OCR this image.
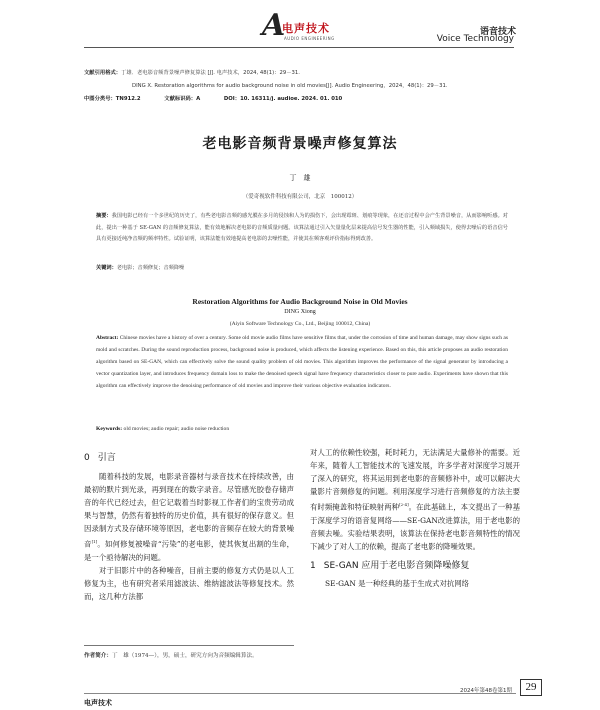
A
电声技术
AUDIO ENGINEERING
语音技术
Voice Technology
文献引用格式：丁雄．老电影音频背景噪声修复算法 [J]. 电声技术，2024, 48(1)：29－31.
DING X. Restoration algorithms for audio background noise in old movies[J]. Audio Engineering，2024，48(1)：29－31.
中图分类号：TN912.2	文献标识码：A	DOI：10. 16311/j. audioe. 2024. 01. 010
老电影音频背景噪声修复算法
丁　雄
（爱奇视软件科技有限公司，北京　100012）
摘要：我国电影已经有一个多世纪的历史了，有些老电影音频的感光膜在多月的侵蚀和人为的损伤下，会出现霉斑、划痕等现象，在还音过程中会产生背景噪音，从而影响听感。对此，提出一种基于 SE-GAN 的音频修复算法，能有效地解决老电影的音频质量问题。该算法通过引入矢量量化层来提高信号发生器的性能，引入频域损失，使得去噪后的语音信号具有更接近纯净音频的频率特性。试验证明，该算法能有效地提高老电影的去噪性能，并使其在频客观评价指标得到改善。
关键词：老电影；音频修复；音频降噪
Restoration Algorithms for Audio Background Noise in Old Movies
DING Xiong
(Aiyin Software Technology Co., Ltd., Beijing 100012, China)
Abstract: Chinese movies have a history of over a century. Some old movie audio films have sensitive films that, under the corrosion of time and human damage, may show signs such as mold and scratches. During the sound reproduction process, background noise is produced, which affects the listening experience. Based on this, this article proposes an audio restoration algorithm based on SE-GAN, which can effectively solve the sound quality problem of old movies. This algorithm improves the performance of the signal generator by introducing a vector quantization layer, and introduces frequency domain loss to make the denoised speech signal have frequency characteristics closer to pure audio. Experiments have shown that this algorithm can effectively improve the denoising performance of old movies and improve their various objective evaluation indicators.
Keywords: old movies; audio repair; audio noise reduction
0 引言

随着科技的发展，电影录音器材与录音技术在持续改善，由最初的默片到光录，再到现在的数字录音。尽管感光胶卷存储声音的年代已经过去，但它记载着当时影视工作者们的宝贵劳动成果与智慧，仍然有着独特的历史价值，具有很好的保存意义。但因录制方式及存储环境等原因，老电影的音频存在较大的背景噪音[1]。如何修复被噪音“污染”的老电影，使其恢复出割的生命，是一个亟待解决的问题。

对于旧影片中的各种噪音，目前主要的修复方式仍是以人工修复为主，也有研究者采用滤波法、维纳滤波法等修复技术。然而，这几种方法都

对人工的依赖性较强，耗时耗力，无法满足大量修补的需要。近年来，随着人工智能技术的飞速发展，许多学者对深度学习展开了深入的研究，将其运用到老电影的音频修补中，或可以解决大量影片音频修复的问题。利用深度学习进行音频修复的方法主要有时频掩盖和特征映射两种[2-4]。在此基础上，本文提出了一种基于深度学习的语音复网络——SE-GAN改进算法，用于老电影的音频去噪。实验结果表明，该算法在保持老电影音频特性的情况下减少了对人工的依赖，提高了老电影的降噪效果。

1 SE-GAN 应用于老电影音频降噪修复

SE-GAN 是一种经典的基于生成式对抗网络

作者简介：丁　雄（1974—），男，硕士，研究方向为音频编辑算法。
2024年第48卷第1期	29
电声技术
